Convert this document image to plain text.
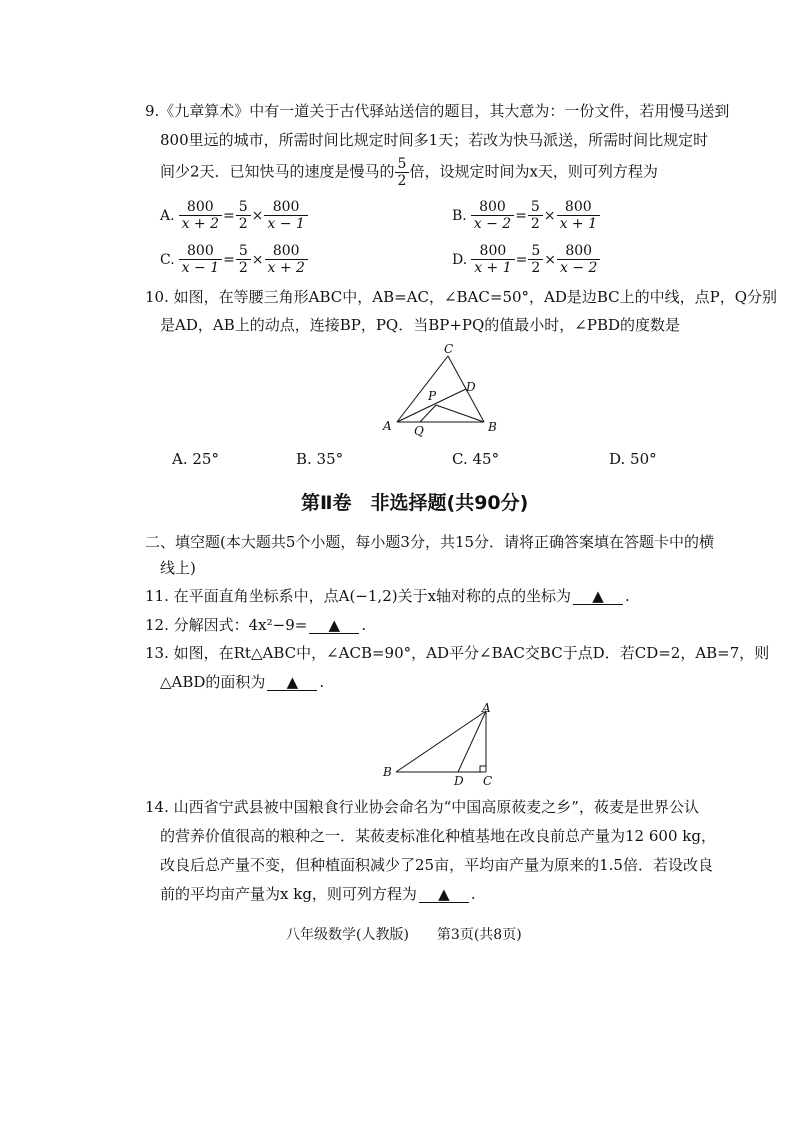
9.《九章算术》中有一道关于古代驿站送信的题目，其大意为：一份文件，若用慢马送到
800里远的城市，所需时间比规定时间多1天；若改为快马派送，所需时间比规定时
间少2天．已知快马的速度是慢马的 $\frac{5}{2}$ 倍，设规定时间为x天，则可列方程为
A. $\frac{800}{x + 2} = \frac{5}{2} \times \frac{800}{x - 1}$	B. $\frac{800}{x - 2} = \frac{5}{2} \times \frac{800}{x + 1}$
C. $\frac{800}{x - 1} = \frac{5}{2} \times \frac{800}{x + 2}$	D. $\frac{800}{x + 1} = \frac{5}{2} \times \frac{800}{x - 2}$
10. 如图，在等腰三角形ABC中，AB=AC，∠BAC=50°，AD是边BC上的中线，点P，Q分别
是AD，AB上的动点，连接BP，PQ．当BP+PQ的值最小时，∠PBD的度数是
A	B
C
D
P
Q
A. 25°	B. 35°	C. 45°	D. 50°
第Ⅱ卷　非选择题(共90分)
二、填空题(本大题共5个小题，每小题3分，共15分．请将正确答案填在答题卡中的横
线上)
11. 在平面直角坐标系中，点A(−1,2)关于x轴对称的点的坐标为 ▲ .
12. 分解因式：4x²−9= ▲ .
13. 如图，在Rt△ABC中，∠ACB=90°，AD平分∠BAC交BC于点D．若CD=2，AB=7，则
△ABD的面积为 ▲ .
A
B
C
D
14. 山西省宁武县被中国粮食行业协会命名为“中国高原莜麦之乡”，莜麦是世界公认
的营养价值很高的粮种之一．某莜麦标准化种植基地在改良前总产量为12 600 kg，
改良后总产量不变，但种植面积减少了25亩，平均亩产量为原来的1.5倍．若设改良
前的平均亩产量为x kg，则可列方程为 ▲ .
八年级数学(人教版)　　第3页(共8页)
